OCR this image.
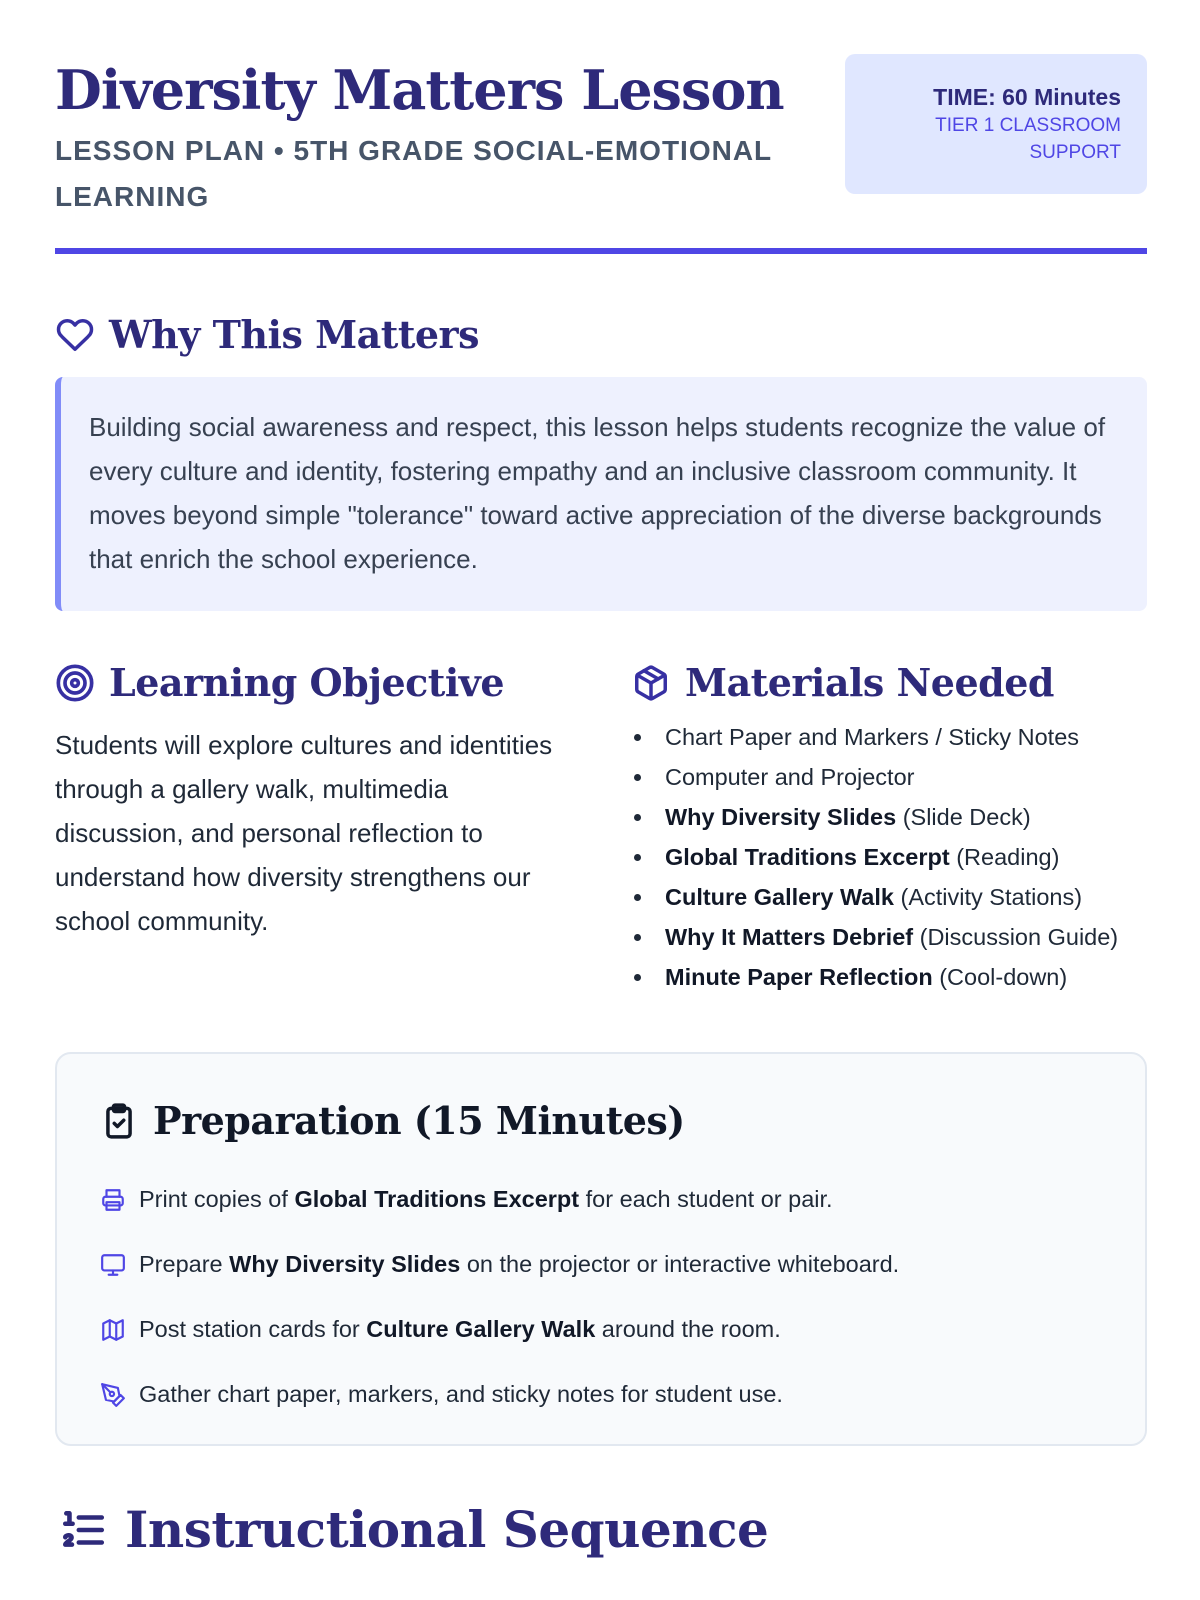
Diversity Matters Lesson
LESSON PLAN • 5TH GRADE SOCIAL-EMOTIONAL LEARNING
TIME: 60 Minutes
TIER 1 CLASSROOM SUPPORT
Why This Matters
Building social awareness and respect, this lesson helps students recognize the value of every culture and identity, fostering empathy and an inclusive classroom community. It moves beyond simple "tolerance" toward active appreciation of the diverse backgrounds that enrich the school experience.
Learning Objective

Students will explore cultures and identities through a gallery walk, multimedia discussion, and personal reflection to understand how diversity strengthens our school community.

Materials Needed
Chart Paper and Markers / Sticky Notes
Computer and Projector
Why Diversity Slides (Slide Deck)
Global Traditions Excerpt (Reading)
Culture Gallery Walk (Activity Stations)
Why It Matters Debrief (Discussion Guide)
Minute Paper Reflection (Cool-down)
Preparation (15 Minutes)
Print copies of Global Traditions Excerpt for each student or pair.
Prepare Why Diversity Slides on the projector or interactive whiteboard.
Post station cards for Culture Gallery Walk around the room.
Gather chart paper, markers, and sticky notes for student use.
Instructional Sequence
